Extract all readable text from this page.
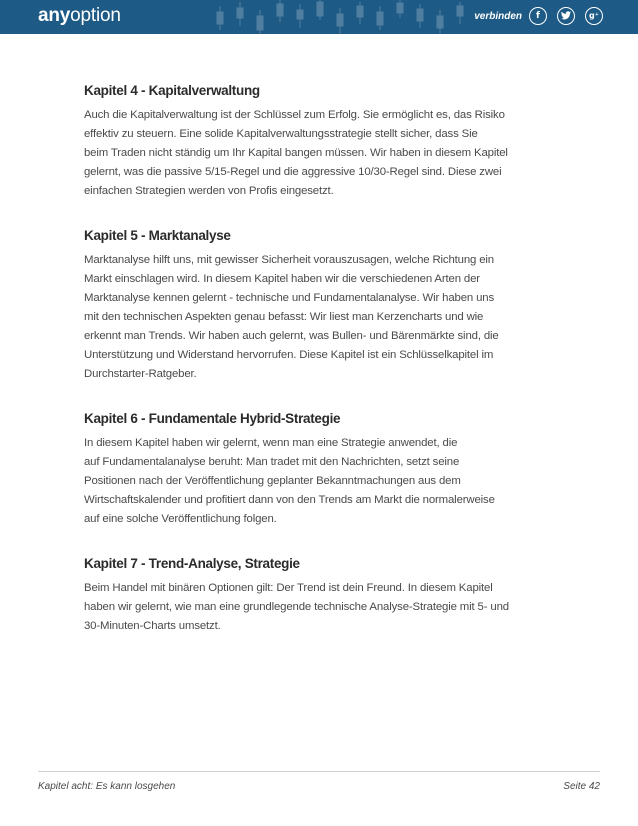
anyoption	verbinden	f	g⁺
Kapitel 4 - Kapitalverwaltung

Auch die Kapitalverwaltung ist der Schlüssel zum Erfolg. Sie ermöglicht es, das Risiko
effektiv zu steuern. Eine solide Kapitalverwaltungsstrategie stellt sicher, dass Sie
beim Traden nicht ständig um Ihr Kapital bangen müssen. Wir haben in diesem Kapitel
gelernt, was die passive 5/15-Regel und die aggressive 10/30-Regel sind. Diese zwei
einfachen Strategien werden von Profis eingesetzt.

Kapitel 5 - Marktanalyse

Marktanalyse hilft uns, mit gewisser Sicherheit vorauszusagen, welche Richtung ein
Markt einschlagen wird. In diesem Kapitel haben wir die verschiedenen Arten der
Marktanalyse kennen gelernt - technische und Fundamentalanalyse. Wir haben uns
mit den technischen Aspekten genau befasst: Wir liest man Kerzencharts und wie
erkennt man Trends. Wir haben auch gelernt, was Bullen- und Bärenmärkte sind, die
Unterstützung und Widerstand hervorrufen. Diese Kapitel ist ein Schlüsselkapitel im
Durchstarter-Ratgeber.

Kapitel 6 - Fundamentale Hybrid-Strategie

In diesem Kapitel haben wir gelernt, wenn man eine Strategie anwendet, die
auf Fundamentalanalyse beruht: Man tradet mit den Nachrichten, setzt seine
Positionen nach der Veröffentlichung geplanter Bekanntmachungen aus dem
Wirtschaftskalender und profitiert dann von den Trends am Markt die normalerweise
auf eine solche Veröffentlichung folgen.

Kapitel 7 - Trend-Analyse, Strategie

Beim Handel mit binären Optionen gilt: Der Trend ist dein Freund. In diesem Kapitel
haben wir gelernt, wie man eine grundlegende technische Analyse-Strategie mit 5- und
30-Minuten-Charts umsetzt.

Kapitel acht: Es kann losgehen	Seite 42
